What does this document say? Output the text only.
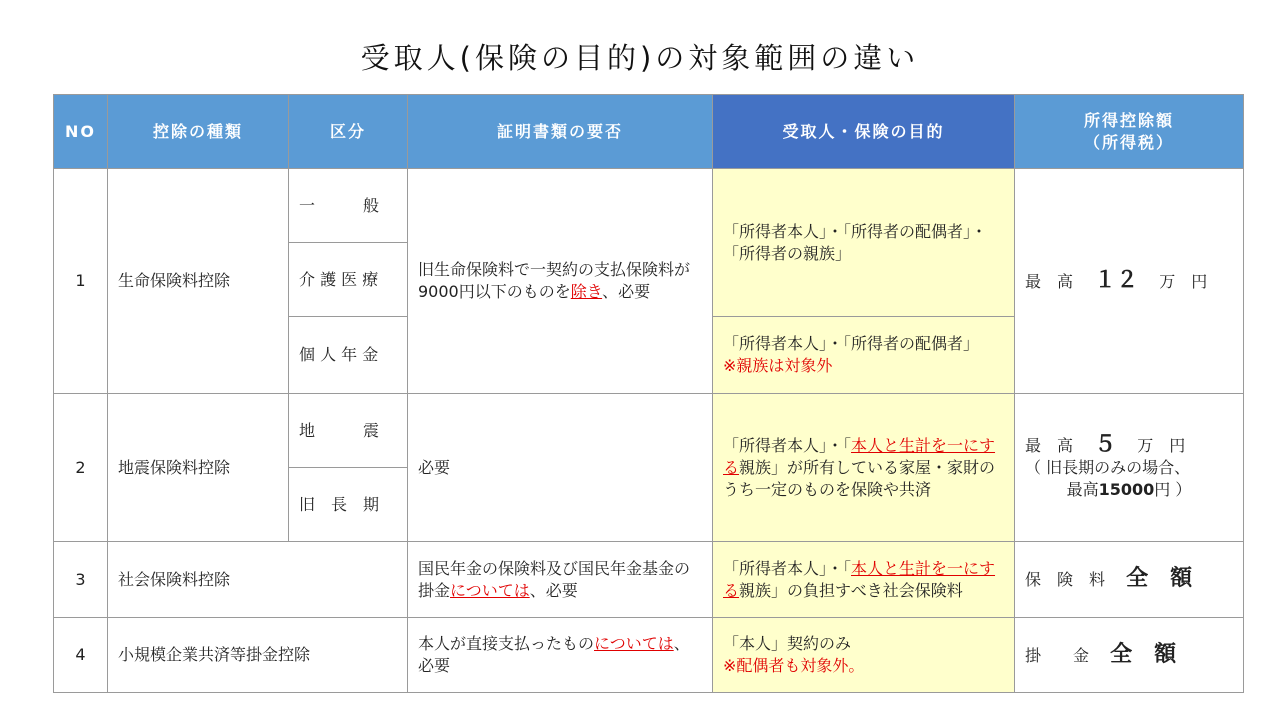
受取人(保険の目的)の対象範囲の違い
NO	控除の種類	区分	証明書類の要否	受取人・保険の目的	所得控除額
（所得税）

1	生命保険料控除	一　　　般	旧生命保険料で一契約の支払保険料が9000円以下のものを除き、必要	「所得者本人」・「所得者の配偶者」・「所得者の親族」	最　高　 １２　 万　円
		介 護 医 療			
		個 人 年 金		「所得者本人」・「所得者の配偶者」
※親族は対象外	

2	地震保険料控除	地　　　震	必要	「所得者本人」・「本人と生計を一にする親族」が所有している家屋・家財のうち一定のものを保険や共済	最　高　 ５　 万　円
（ 旧長期のみの場合、
最高15000円 ）

		旧　長　期			
3	社会保険料控除		国民年金の保険料及び国民年金基金の掛金については、必要	「所得者本人」・「本人と生計を一にする親族」の負担すべき社会保険料	保　険　料　 全　額
4	小規模企業共済等掛金控除		本人が直接支払ったものについては、必要	「本人」契約のみ
※配偶者も対象外。	掛　　金　 全　額
